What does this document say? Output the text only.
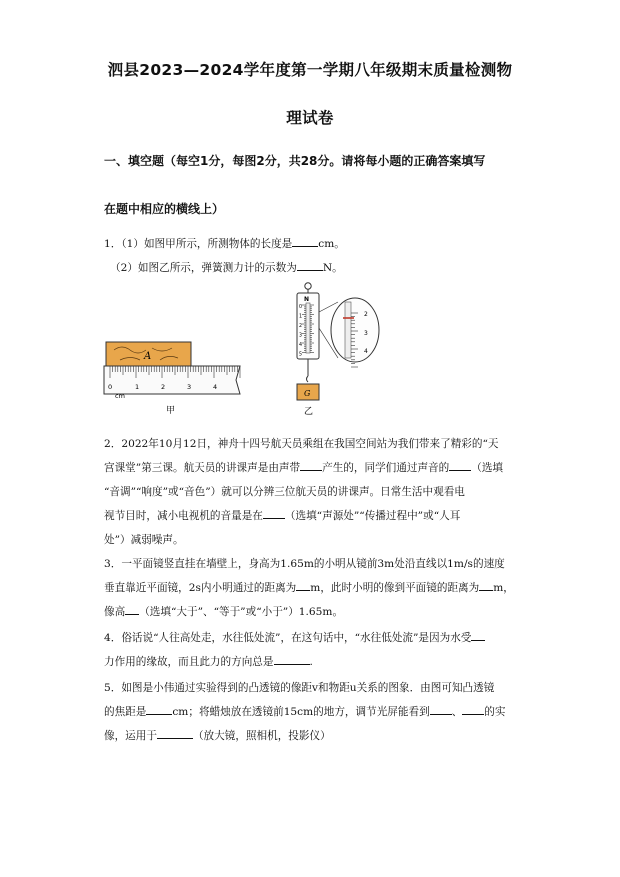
泗县2023—2024学年度第一学期八年级期末质量检测物
理试卷
一、填空题（每空1分，每图2分，共28分。请将每小题的正确答案填写
在题中相应的横线上）
1．（1）如图甲所示，所测物体的长度是 cm。
（2）如图乙所示，弹簧测力计的示数为 N。
A
0	1	2	3	4
cm
甲
N
0
1
2
3
4
5
G
乙
2
3
4
2．2022年10月12日，神舟十四号航天员乘组在我国空间站为我们带来了精彩的“天
宫课堂”第三课。航天员的讲课声是由声带 产生的，同学们通过声音的 （选填
“音调”“响度”或“音色”）就可以分辨三位航天员的讲课声。日常生活中观看电
视节目时，减小电视机的音量是在 （选填“声源处”“传播过程中”或“人耳
处”）减弱噪声。
3．一平面镜竖直挂在墙壁上，身高为1.65m的小明从镜前3m处沿直线以1m/s的速度
垂直靠近平面镜，2s内小明通过的距离为 m，此时小明的像到平面镜的距离为 m，
像高 （选填“大于”、“等于”或“小于”）1.65m。
4．俗话说“人往高处走，水往低处流”，在这句话中，“水往低处流”是因为水受
力作用的缘故，而且此力的方向总是	.
5．如图是小伟通过实验得到的凸透镜的像距v和物距u关系的图象．由图可知凸透镜
的焦距是 cm；将蜡烛放在透镜前15cm的地方，调节光屏能看到 、 的实
像，运用于	（放大镜，照相机，投影仪）
